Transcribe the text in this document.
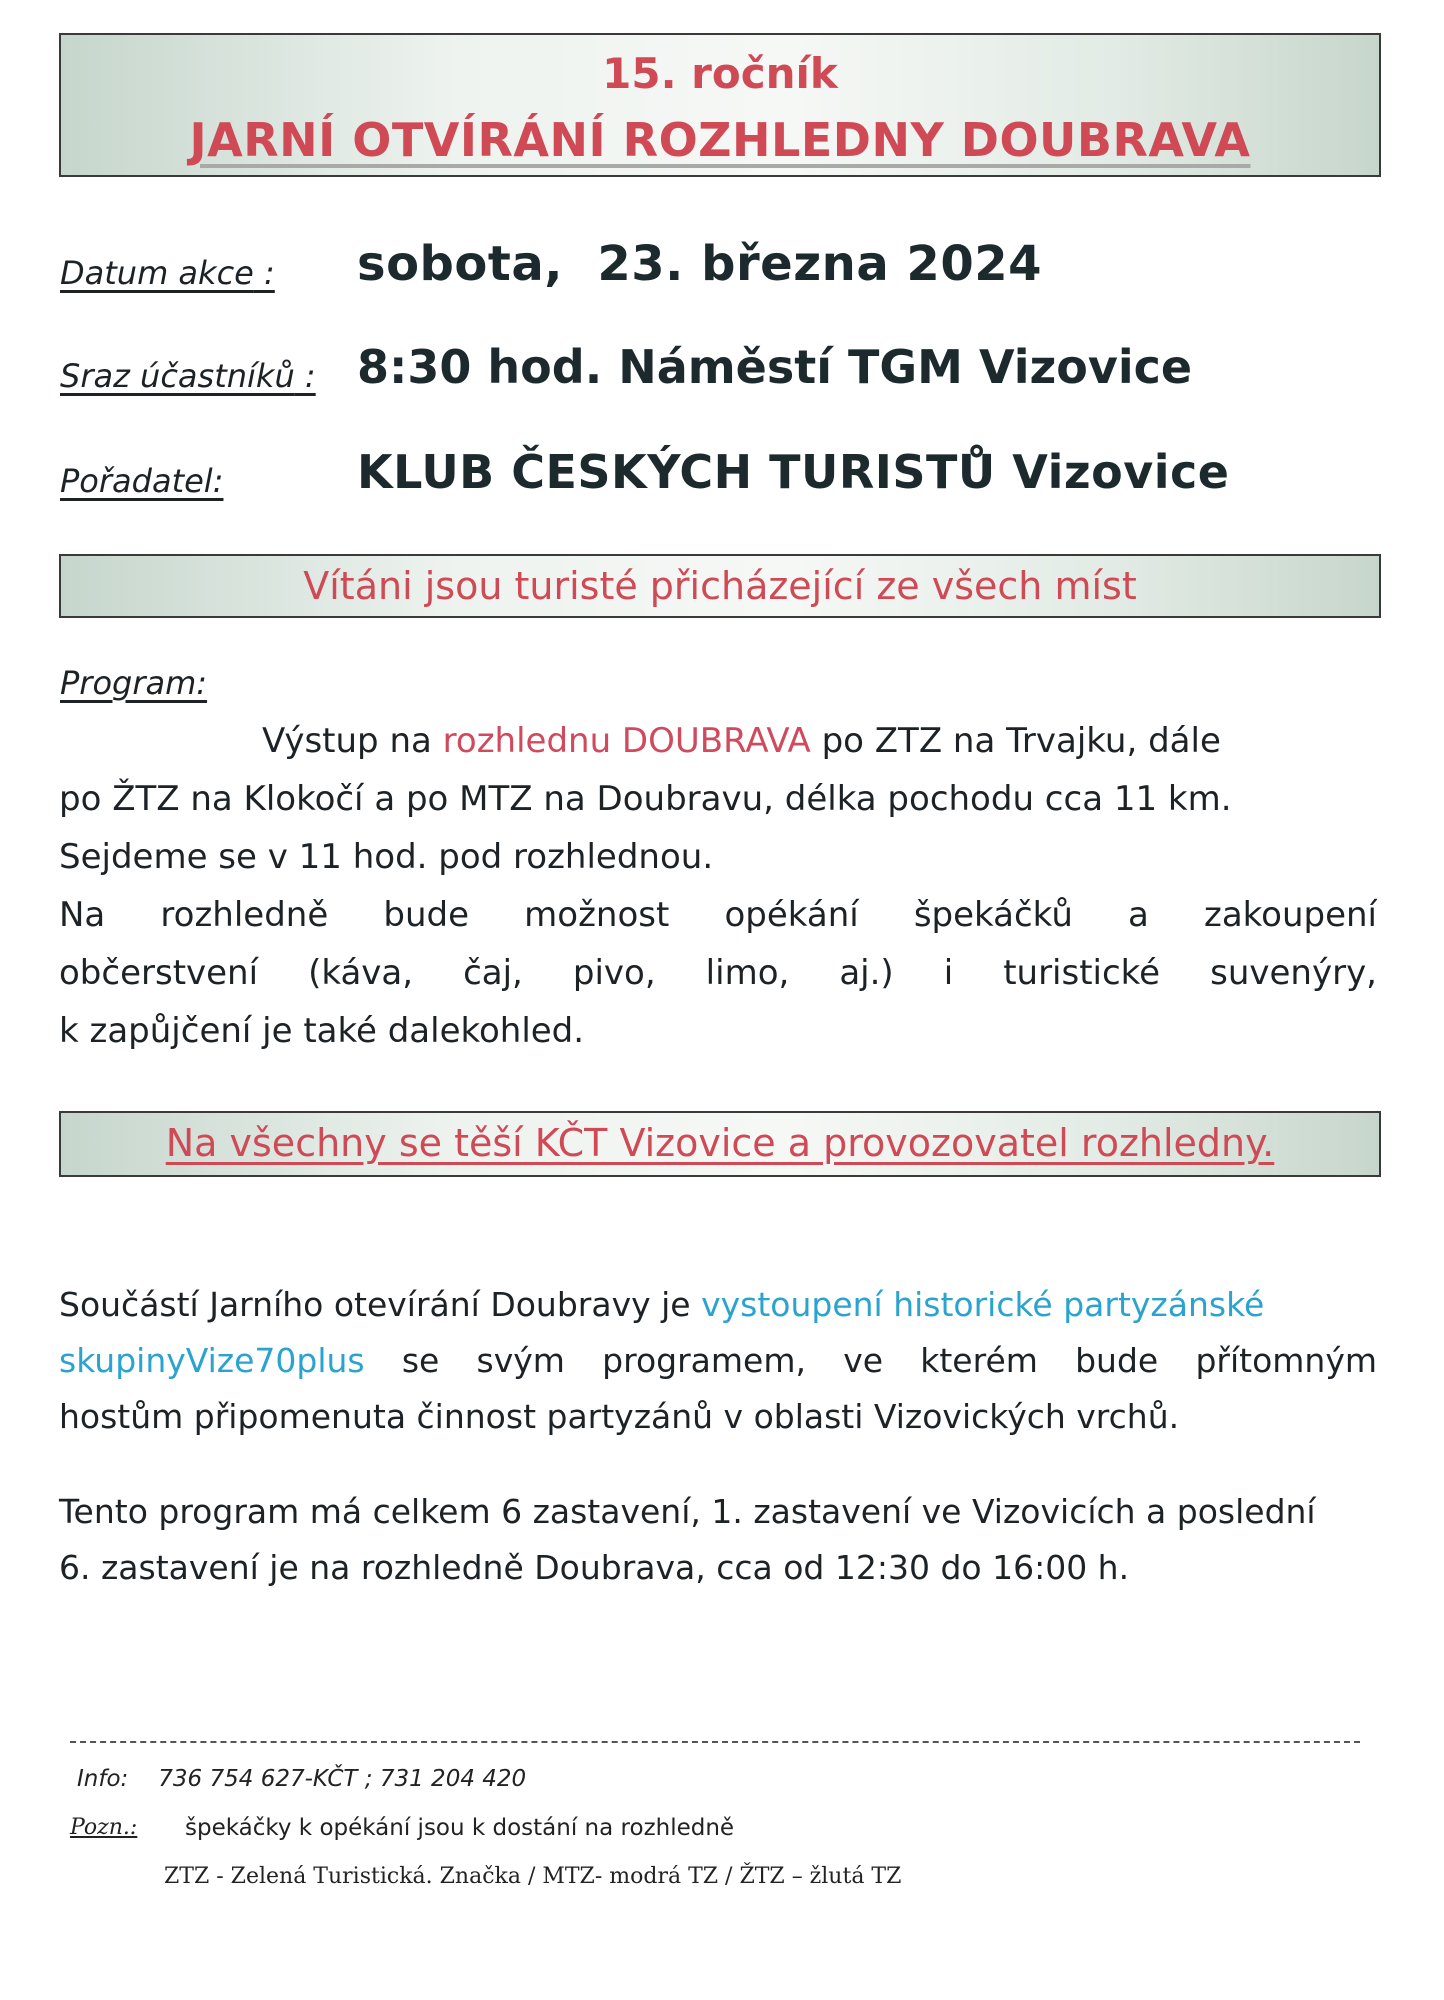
15. ročník
JARNÍ OTVÍRÁNÍ ROZHLEDNY DOUBRAVA
Datum akce : sobota,  23. března 2024
Sraz účastníků : 8:30 hod. Náměstí TGM Vizovice
Pořadatel:	KLUB ČESKÝCH TURISTŮ Vizovice
Vítáni jsou turisté přicházející ze všech míst
Program:
Výstup na rozhlednu DOUBRAVA po ZTZ na Trvajku, dále
po ŽTZ na Klokočí a po MTZ na Doubravu, délka pochodu cca 11 km.
Sejdeme se v 11 hod. pod rozhlednou.
Na rozhledně bude možnost opékání špekáčků a zakoupení
občerstvení (káva, čaj, pivo, limo, aj.) i turistické suvenýry,
k zapůjčení je také dalekohled.
Na všechny se těší KČT Vizovice a provozovatel rozhledny.
Součástí Jarního otevírání Doubravy je vystoupení historické partyzánské
skupinyVize70plus se svým programem, ve kterém bude přítomným
hostům připomenuta činnost partyzánů v oblasti Vizovických vrchů.
Tento program má celkem 6 zastavení, 1. zastavení ve Vizovicích a poslední
6. zastavení je na rozhledně Doubrava, cca od 12:30 do 16:00 h.
Info: 736 754 627-KČT ; 731 204 420
Pozn.: špekáčky k opékání jsou k dostání na rozhledně
ZTZ - Zelená Turistická. Značka / MTZ- modrá TZ / ŽTZ – žlutá TZ
